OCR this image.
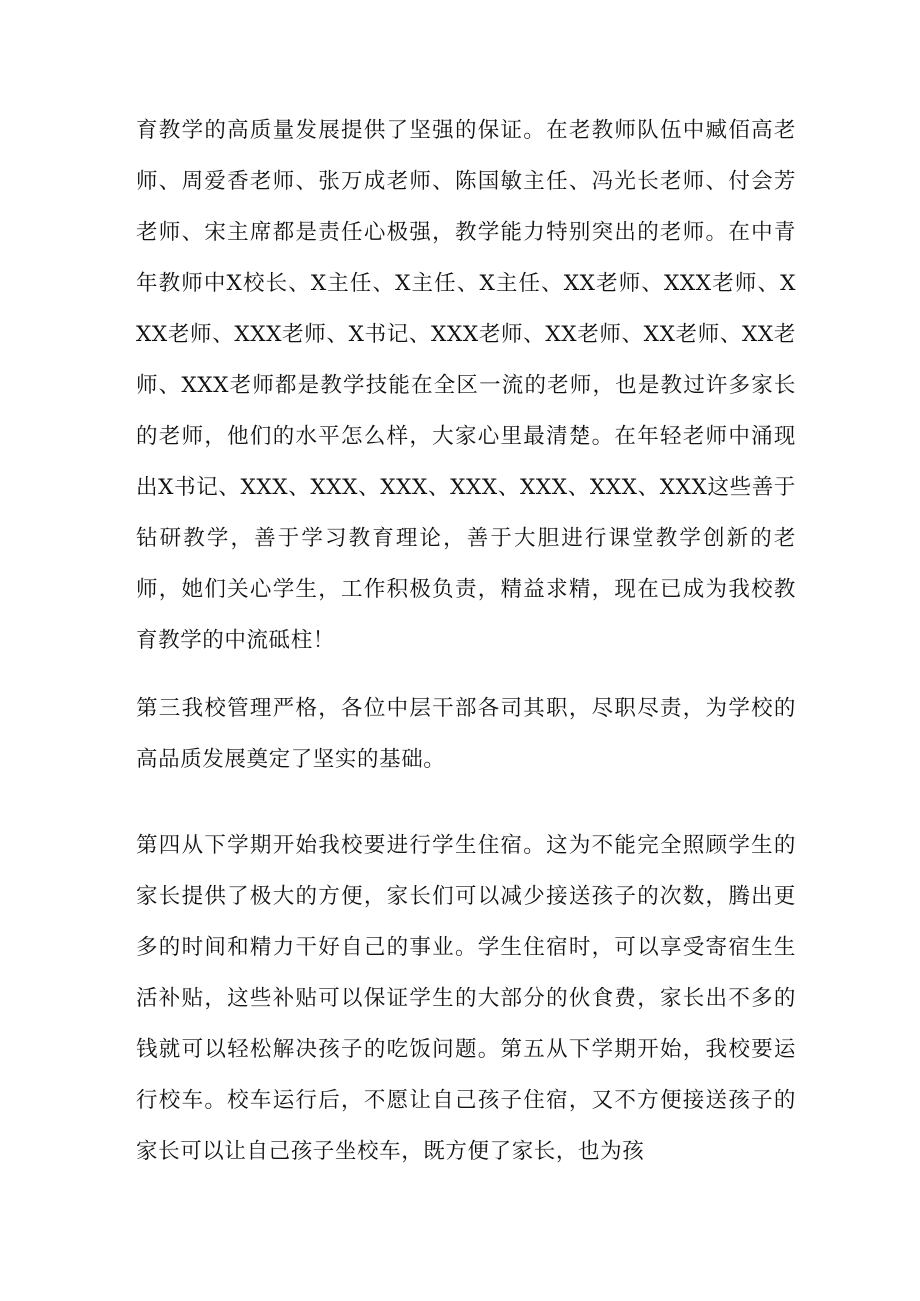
育教学的高质量发展提供了坚强的保证。在老教师队伍中臧佰高老师、周爱香老师、张万成老师、陈国敏主任、冯光长老师、付会芳老师、宋主席都是责任心极强，教学能力特别突出的老师。在中青年教师中X校长、X主任、X主任、X主任、XX老师、XXX老师、XXX老师、XXX老师、X书记、XXX老师、XX老师、XX老师、XX老师、XXX老师都是教学技能在全区一流的老师，也是教过许多家长的老师，他们的水平怎么样，大家心里最清楚。在年轻老师中涌现出X书记、XXX、XXX、XXX、XXX、XXX、XXX、XXX这些善于钻研教学，善于学习教育理论，善于大胆进行课堂教学创新的老师，她们关心学生，工作积极负责，精益求精，现在已成为我校教育教学的中流砥柱！

第三我校管理严格，各位中层干部各司其职，尽职尽责，为学校的高品质发展奠定了坚实的基础。

第四从下学期开始我校要进行学生住宿。这为不能完全照顾学生的家长提供了极大的方便，家长们可以减少接送孩子的次数，腾出更多的时间和精力干好自己的事业。学生住宿时，可以享受寄宿生生活补贴，这些补贴可以保证学生的大部分的伙食费，家长出不多的钱就可以轻松解决孩子的吃饭问题。第五从下学期开始，我校要运行校车。校车运行后，不愿让自己孩子住宿，又不方便接送孩子的家长可以让自己孩子坐校车，既方便了家长，也为孩
